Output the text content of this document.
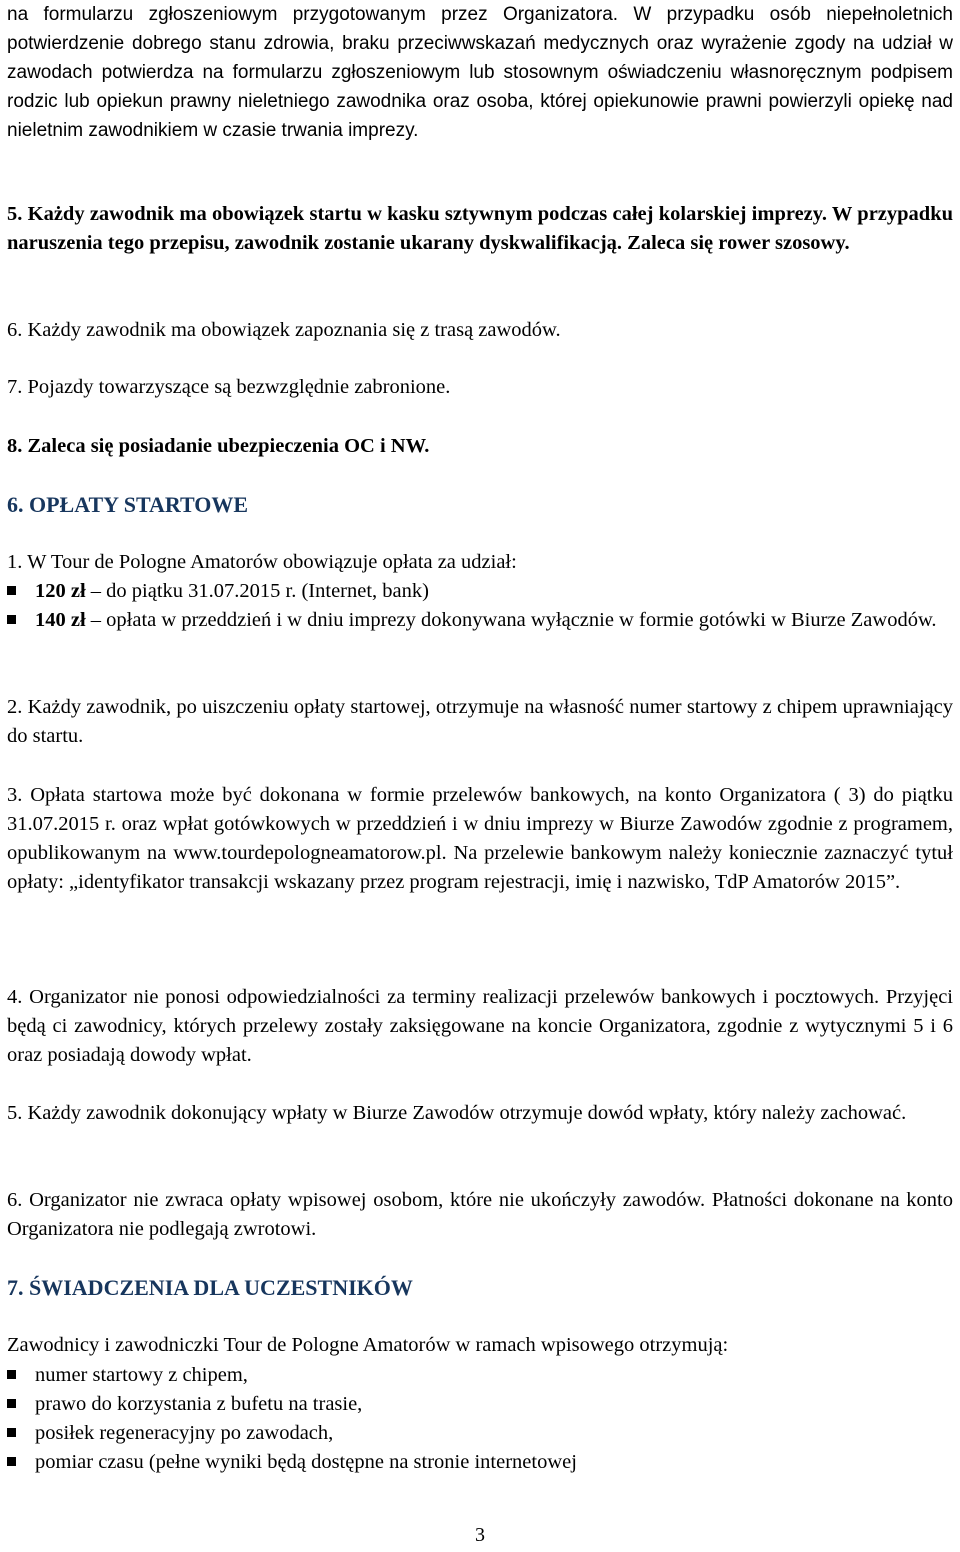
na formularzu zgłoszeniowym przygotowanym przez Organizatora. W przypadku osób niepełnoletnich potwierdzenie dobrego stanu zdrowia, braku przeciwwskazań medycznych oraz wyrażenie zgody na udział w zawodach potwierdza na formularzu zgłoszeniowym lub stosownym oświadczeniu własnoręcznym podpisem rodzic lub opiekun prawny nieletniego zawodnika oraz osoba, której opiekunowie prawni powierzyli opiekę nad nieletnim zawodnikiem w czasie trwania imprezy.

5. Każdy zawodnik ma obowiązek startu w kasku sztywnym podczas całej kolarskiej imprezy. W przypadku naruszenia tego przepisu, zawodnik zostanie ukarany dyskwalifikacją. Zaleca się rower szosowy.

6. Każdy zawodnik ma obowiązek zapoznania się z trasą zawodów.

7. Pojazdy towarzyszące są bezwzględnie zabronione.

8. Zaleca się posiadanie ubezpieczenia OC i NW.

6. OPŁATY STARTOWE

1. W Tour de Pologne Amatorów obowiązuje opłata za udział:

120 zł – do piątku 31.07.2015 r. (Internet, bank)
140 zł – opłata w przeddzień i w dniu imprezy dokonywana wyłącznie w formie gotówki w Biurze Zawodów.

2. Każdy zawodnik, po uiszczeniu opłaty startowej, otrzymuje na własność numer startowy z chipem uprawniający do startu.

3. Opłata startowa może być dokonana w formie przelewów bankowych, na konto Organizatora ( 3) do piątku 31.07.2015 r. oraz wpłat gotówkowych w przeddzień i w dniu imprezy w Biurze Zawodów zgodnie z programem, opublikowanym na www.tourdepologneamatorow.pl. Na przelewie bankowym należy koniecznie zaznaczyć tytuł opłaty: „identyfikator transakcji wskazany przez program rejestracji, imię i nazwisko, TdP Amatorów 2015”.

4. Organizator nie ponosi odpowiedzialności za terminy realizacji przelewów bankowych i pocztowych. Przyjęci będą ci zawodnicy, których przelewy zostały zaksięgowane na koncie Organizatora, zgodnie z wytycznymi 5 i 6 oraz posiadają dowody wpłat.

5. Każdy zawodnik dokonujący wpłaty w Biurze Zawodów otrzymuje dowód wpłaty, który należy zachować.

6. Organizator nie zwraca opłaty wpisowej osobom, które nie ukończyły zawodów. Płatności dokonane na konto Organizatora nie podlegają zwrotowi.

7. ŚWIADCZENIA DLA UCZESTNIKÓW

Zawodnicy i zawodniczki Tour de Pologne Amatorów w ramach wpisowego otrzymują:

numer startowy z chipem,
prawo do korzystania z bufetu na trasie,
posiłek regeneracyjny po zawodach,
pomiar czasu (pełne wyniki będą dostępne na stronie internetowej
3
